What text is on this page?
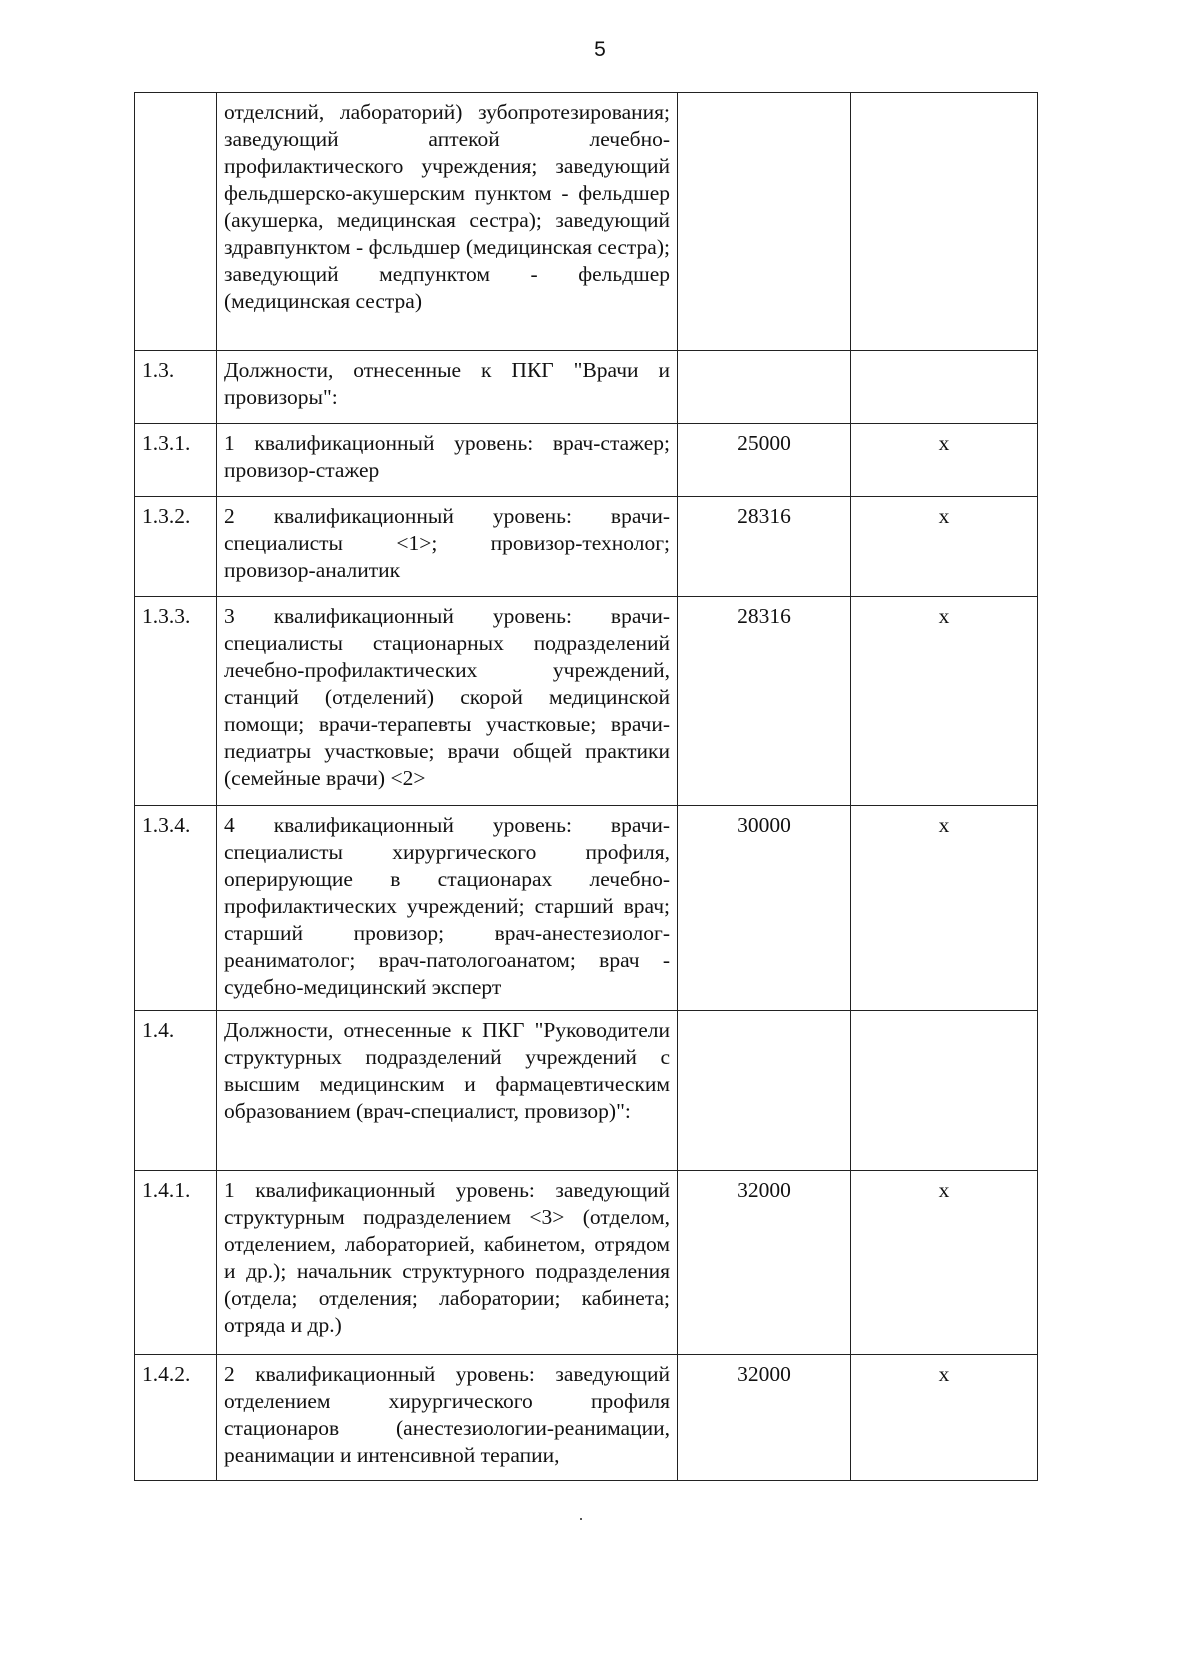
5
	отделсний, лабораторий) зубопротезирования; заведующий аптекой лечебно-профилактического учреждения; заведующий фельдшерско-акушерским пунктом - фельдшер (акушерка, медицинская сестра); заведующий здравпунктом - фсльдшер (медицинская сестра); заведующий медпунктом - фельдшер (медицинская сестра)		
1.3.	Должности, отнесенные к ПКГ "Врачи и провизоры":		
1.3.1.	1 квалификационный уровень: врач-стажер; провизор-стажер	25000	x
1.3.2.	2 квалификационный уровень: врачи-специалисты <1>; провизор-технолог; провизор-аналитик	28316	x
1.3.3.	3 квалификационный уровень: врачи-специалисты стационарных подразделений лечебно-профилактических учреждений, станций (отделений) скорой медицинской помощи; врачи-терапевты участковые; врачи-педиатры участковые; врачи общей практики (семейные врачи) <2>	28316	x
1.3.4.	4 квалификационный уровень: врачи-специалисты хирургического профиля, оперирующие в стационарах лечебно-профилактических учреждений; старший врач; старший провизор; врач-анестезиолог-реаниматолог; врач-патологоанатом; врач - судебно-медицинский эксперт	30000	x
1.4.	Должности, отнесенные к ПКГ "Руководители структурных подразделений учреждений с высшим медицинским и фармацевтическим образованием (врач-специалист, провизор)":		
1.4.1.	1 квалификационный уровень: заведующий структурным подразделением <3> (отделом, отделением, лабораторией, кабинетом, отрядом и др.); начальник структурного подразделения (отдела; отделения; лаборатории; кабинета; отряда и др.)	32000	x
1.4.2.	2 квалификационный уровень: заведующий отделением хирургического профиля стационаров (анестезиологии-реанимации, реанимации и интенсивной терапии,	32000	x
